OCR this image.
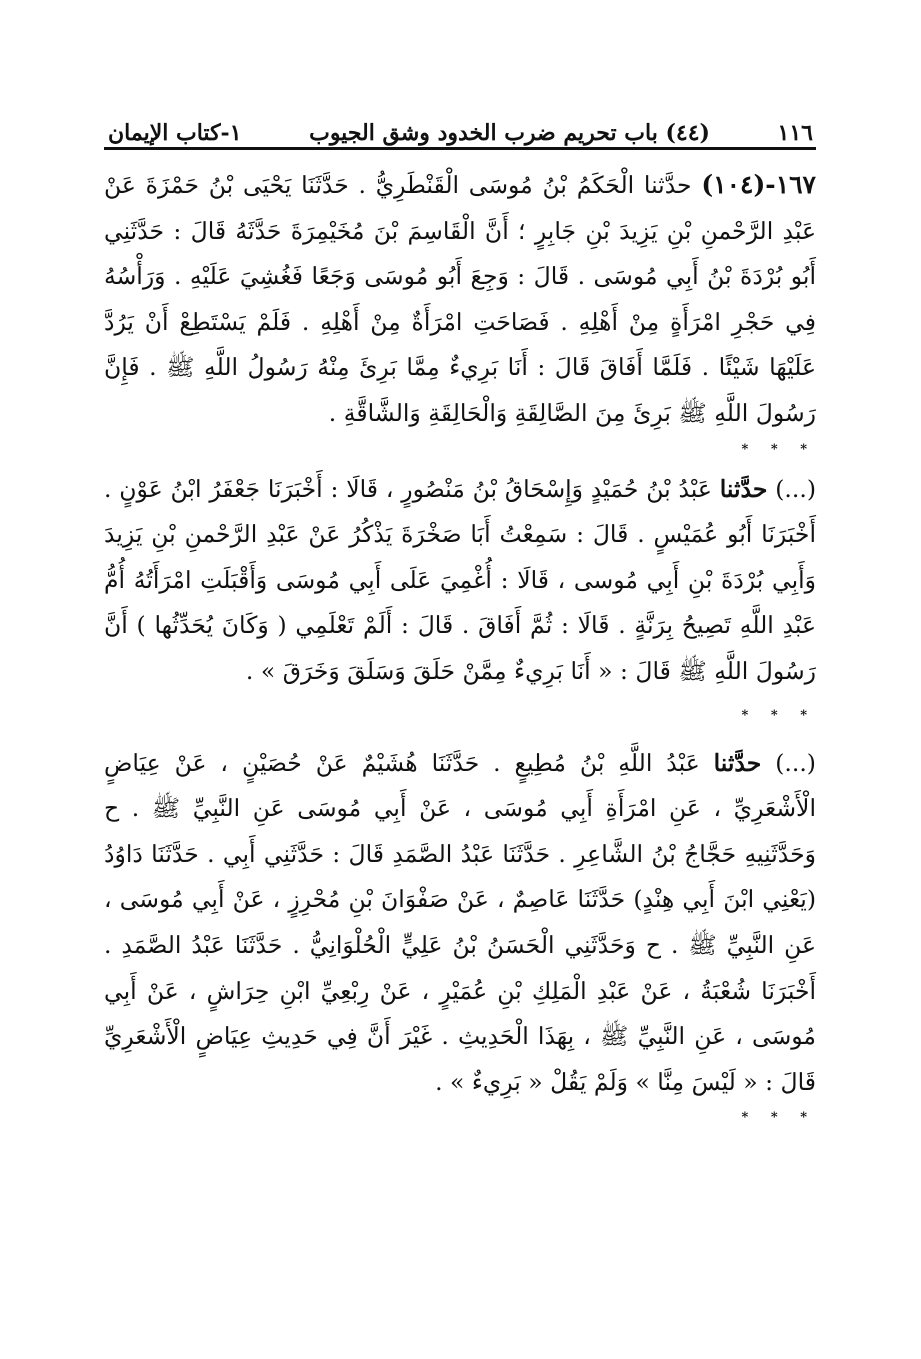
١١٦
(٤٤) باب تحريم ضرب الخدود وشق الجيوب
١-كتاب الإيمان

١٦٧-(١٠٤) حدَّثنا الْحَكَمُ بْنُ مُوسَى الْقَنْطَرِيُّ . حَدَّثَنَا يَحْيَى بْنُ حَمْزَةَ عَنْ عَبْدِ الرَّحْمنِ بْنِ يَزِيدَ بْنِ جَابِرٍ ؛ أَنَّ الْقَاسِمَ بْنَ مُخَيْمِرَةَ حَدَّثَهُ قَالَ : حَدَّثَنِي أَبُو بُرْدَةَ بْنُ أَبِي مُوسَى . قَالَ : وَجِعَ أَبُو مُوسَى وَجَعًا فَغُشِيَ عَلَيْهِ . وَرَأْسُهُ فِي حَجْرِ امْرَأَةٍ مِنْ أَهْلِهِ . فَصَاحَتِ امْرَأَةٌ مِنْ أَهْلِهِ . فَلَمْ يَسْتَطِعْ أَنْ يَرُدَّ عَلَيْهَا شَيْئًا . فَلَمَّا أَفَاقَ قَالَ : أَنَا بَرِيءٌ مِمَّا بَرِئَ مِنْهُ رَسُولُ اللَّهِ ﷺ . فَإِنَّ رَسُولَ اللَّهِ ﷺ بَرِئَ مِنَ الصَّالِقَةِ وَالْحَالِقَةِ وَالشَّاقَّةِ .

* * *

(...) حدَّثنا عَبْدُ بْنُ حُمَيْدٍ وَإِسْحَاقُ بْنُ مَنْصُورٍ ، قَالَا : أَخْبَرَنَا جَعْفَرُ ابْنُ عَوْنٍ . أَخْبَرَنَا أَبُو عُمَيْسٍ . قَالَ : سَمِعْتُ أَبَا صَخْرَةَ يَذْكُرُ عَنْ عَبْدِ الرَّحْمنِ بْنِ يَزِيدَ وَأَبِي بُرْدَةَ بْنِ أَبِي مُوسى ، قَالَا : أُغْمِيَ عَلَى أَبِي مُوسَى وَأَقْبَلَتِ امْرَأَتُهُ أُمُّ عَبْدِ اللَّهِ تَصِيحُ بِرَنَّةٍ . قَالَا : ثُمَّ أَفَاقَ . قَالَ : أَلَمْ تَعْلَمِي ( وَكَانَ يُحَدِّثُها ) أَنَّ رَسُولَ اللَّهِ ﷺ قَالَ : « أَنَا بَرِيءٌ مِمَّنْ حَلَقَ وَسَلَقَ وَخَرَقَ » .

* * *

(...) حدَّثنا عَبْدُ اللَّهِ بْنُ مُطِيعٍ . حَدَّثَنَا هُشَيْمٌ عَنْ حُصَيْنٍ ، عَنْ عِيَاضٍ الْأَشْعَرِيِّ ، عَنِ امْرَأَةِ أَبِي مُوسَى ، عَنْ أَبِي مُوسَى عَنِ النَّبِيِّ ﷺ . ح وَحَدَّثَنِيهِ حَجَّاجُ بْنُ الشَّاعِرِ . حَدَّثَنَا عَبْدُ الصَّمَدِ قَالَ : حَدَّثَنِي أَبِي . حَدَّثَنَا دَاوُدُ (يَعْنِي ابْنَ أَبِي هِنْدٍ) حَدَّثَنَا عَاصِمٌ ، عَنْ صَفْوَانَ بْنِ مُحْرِزٍ ، عَنْ أَبِي مُوسَى ، عَنِ النَّبِيِّ ﷺ . ح وَحَدَّثَنِي الْحَسَنُ بْنُ عَلِيٍّ الْحُلْوَانِيُّ . حَدَّثَنَا عَبْدُ الصَّمَدِ . أَخْبَرَنَا شُعْبَةُ ، عَنْ عَبْدِ الْمَلِكِ بْنِ عُمَيْرٍ ، عَنْ رِبْعِيِّ ابْنِ حِرَاشٍ ، عَنْ أَبِي مُوسَى ، عَنِ النَّبِيِّ ﷺ ، بِهَذَا الْحَدِيثِ . غَيْرَ أَنَّ فِي حَدِيثِ عِيَاضٍ الْأَشْعَرِيِّ قَالَ : « لَيْسَ مِنَّا » وَلَمْ يَقُلْ « بَرِيءٌ » .

* * *
